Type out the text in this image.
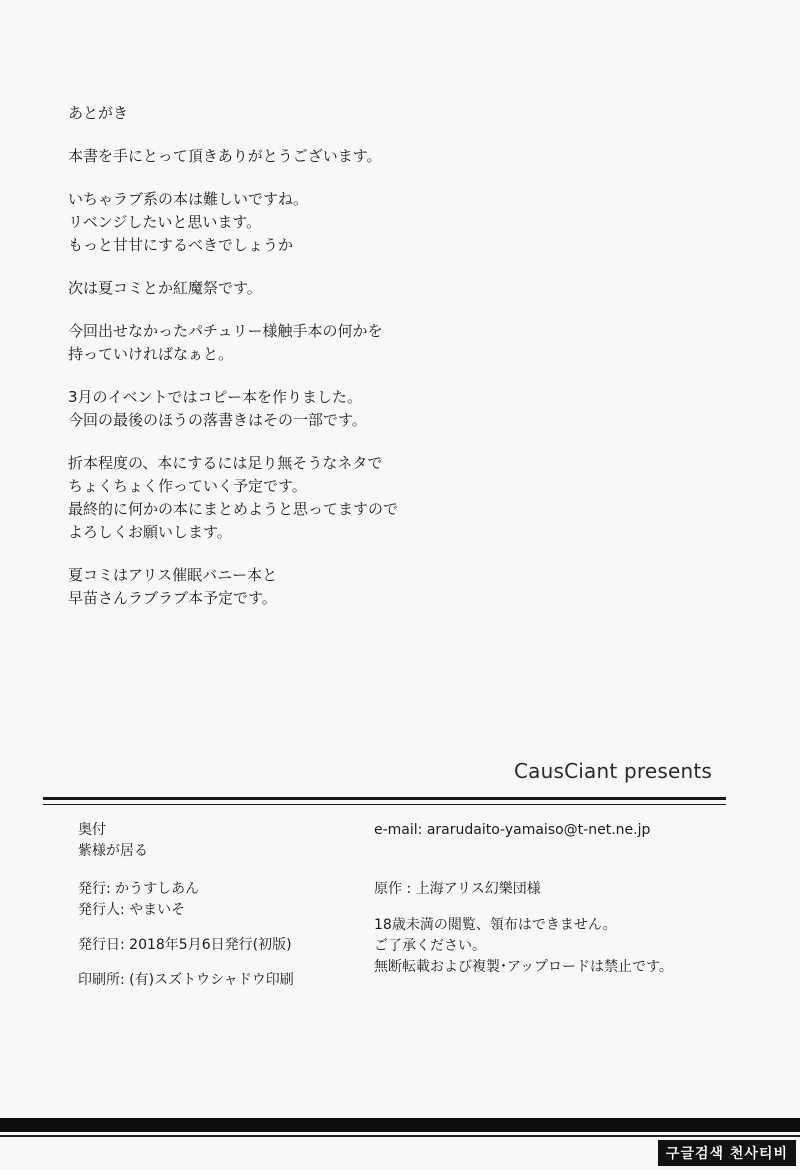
あとがき

本書を手にとって頂きありがとうございます。

いちゃラブ系の本は難しいですね。
リベンジしたいと思います。
もっと甘甘にするべきでしょうか

次は夏コミとか紅魔祭です。

今回出せなかったパチュリー様触手本の何かを
持っていければなぁと。

3月のイベントではコピー本を作りました。
今回の最後のほうの落書きはその一部です。

折本程度の、本にするには足り無そうなネタで
ちょくちょく作っていく予定です。
最終的に何かの本にまとめようと思ってますので
よろしくお願いします。

夏コミはアリス催眠バニー本と
早苗さんラブラブ本予定です。

CausCiant presents
奥付
紫様が居る
発行: かうすしあん
発行人: やまいそ
発行日: 2018年5月6日発行(初版)
印刷所: (有)スズトウシャドウ印刷
e-mail: ararudaito-yamaiso@t-net.ne.jp
原作 : 上海アリス幻樂団様
18歳未満の閲覧、領布はできません。
ご了承ください。
無断転載および複製･アップロードは禁止です。
구글검색 천사티비
